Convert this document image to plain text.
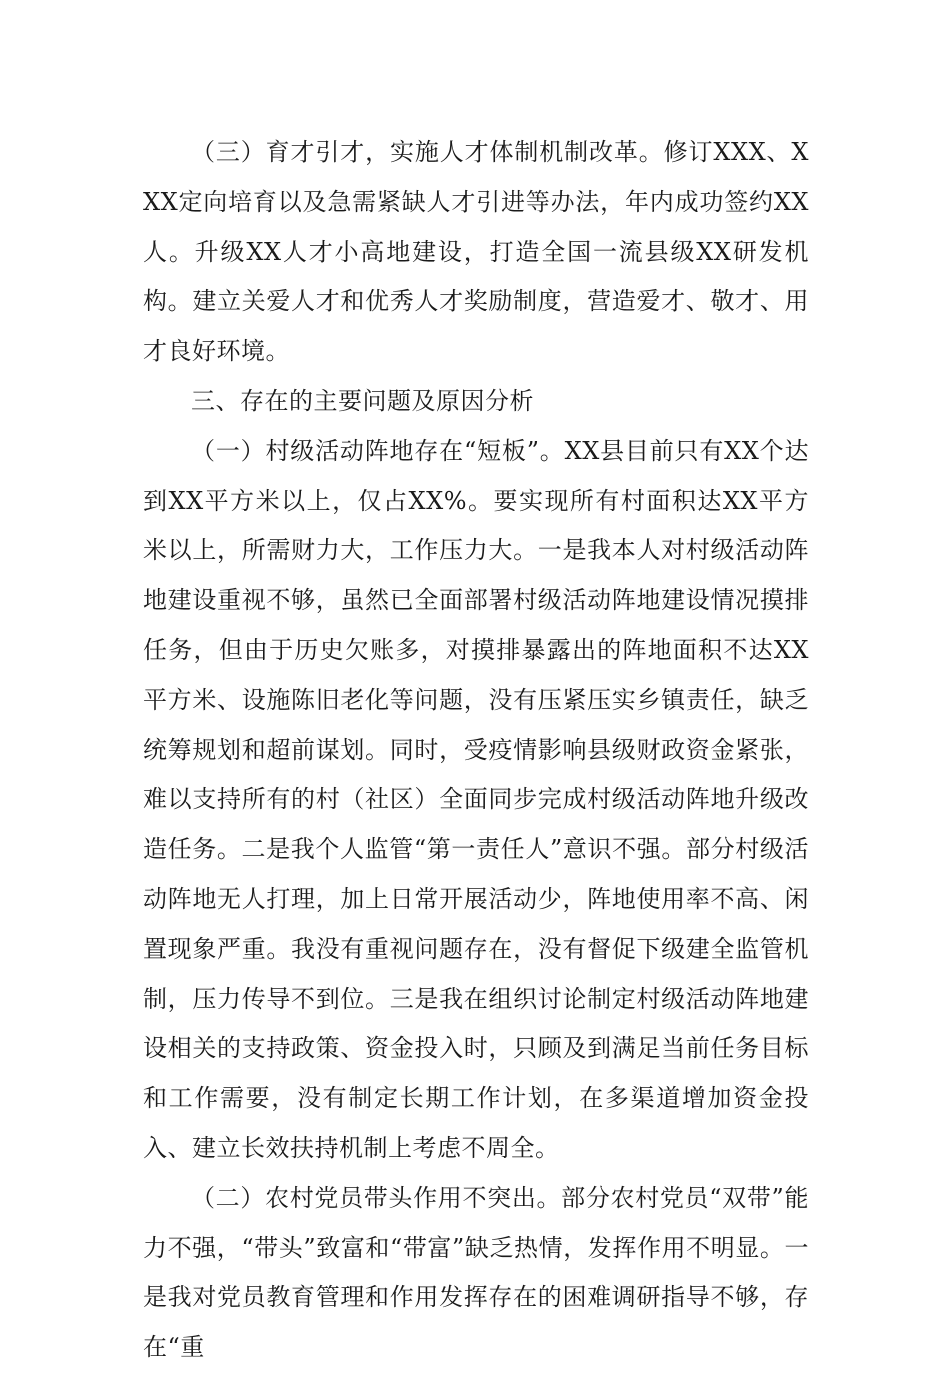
（三）育才引才，实施人才体制机制改革。修订XXX、XXX定向培育以及急需紧缺人才引进等办法，年内成功签约XX人。升级XX人才小高地建设，打造全国一流县级XX研发机构。建立关爱人才和优秀人才奖励制度，营造爱才、敬才、用才良好环境。

三、存在的主要问题及原因分析

（一）村级活动阵地存在“短板”。XX县目前只有XX个达到XX平方米以上，仅占XX%。要实现所有村面积达XX平方米以上，所需财力大，工作压力大。一是我本人对村级活动阵地建设重视不够，虽然已全面部署村级活动阵地建设情况摸排任务，但由于历史欠账多，对摸排暴露出的阵地面积不达XX平方米、设施陈旧老化等问题，没有压紧压实乡镇责任，缺乏统筹规划和超前谋划。同时，受疫情影响县级财政资金紧张，难以支持所有的村（社区）全面同步完成村级活动阵地升级改造任务。二是我个人监管“第一责任人”意识不强。部分村级活动阵地无人打理，加上日常开展活动少，阵地使用率不高、闲置现象严重。我没有重视问题存在，没有督促下级建全监管机制，压力传导不到位。三是我在组织讨论制定村级活动阵地建设相关的支持政策、资金投入时，只顾及到满足当前任务目标和工作需要，没有制定长期工作计划，在多渠道增加资金投入、建立长效扶持机制上考虑不周全。

（二）农村党员带头作用不突出。部分农村党员“双带”能力不强，“带头”致富和“带富”缺乏热情，发挥作用不明显。一是我对党员教育管理和作用发挥存在的困难调研指导不够，存在“重
